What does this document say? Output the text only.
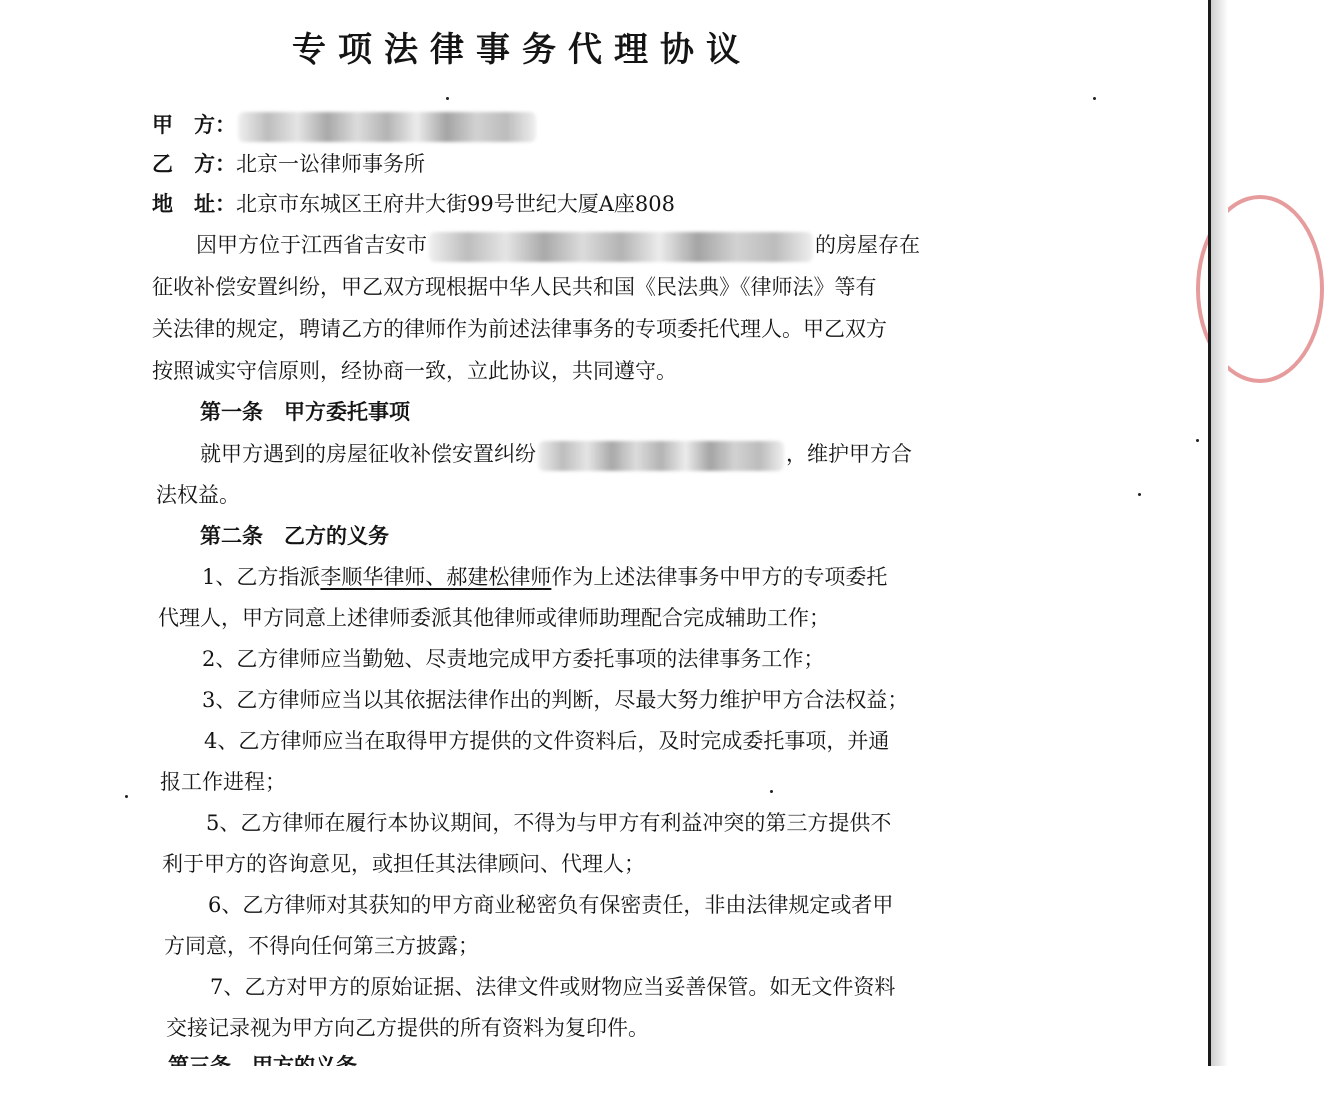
专项法律事务代理协议
甲　方：
乙　方：北京一讼律师事务所
地　址：北京市东城区王府井大街99号世纪大厦A座808
因甲方位于江西省吉安市	的房屋存在
征收补偿安置纠纷，甲乙双方现根据中华人民共和国《民法典》《律师法》等有
关法律的规定，聘请乙方的律师作为前述法律事务的专项委托代理人。甲乙双方
按照诚实守信原则，经协商一致，立此协议，共同遵守。
第一条　甲方委托事项
就甲方遇到的房屋征收补偿安置纠纷	，维护甲方合
法权益。
第二条　乙方的义务
1、乙方指派李顺华律师、郝建松律师作为上述法律事务中甲方的专项委托
代理人，甲方同意上述律师委派其他律师或律师助理配合完成辅助工作；
2、乙方律师应当勤勉、尽责地完成甲方委托事项的法律事务工作；
3、乙方律师应当以其依据法律作出的判断，尽最大努力维护甲方合法权益；
4、乙方律师应当在取得甲方提供的文件资料后，及时完成委托事项，并通
报工作进程；
5、乙方律师在履行本协议期间，不得为与甲方有利益冲突的第三方提供不
利于甲方的咨询意见，或担任其法律顾问、代理人；
6、乙方律师对其获知的甲方商业秘密负有保密责任，非由法律规定或者甲
方同意，不得向任何第三方披露；
7、乙方对甲方的原始证据、法律文件或财物应当妥善保管。如无文件资料
交接记录视为甲方向乙方提供的所有资料为复印件。
